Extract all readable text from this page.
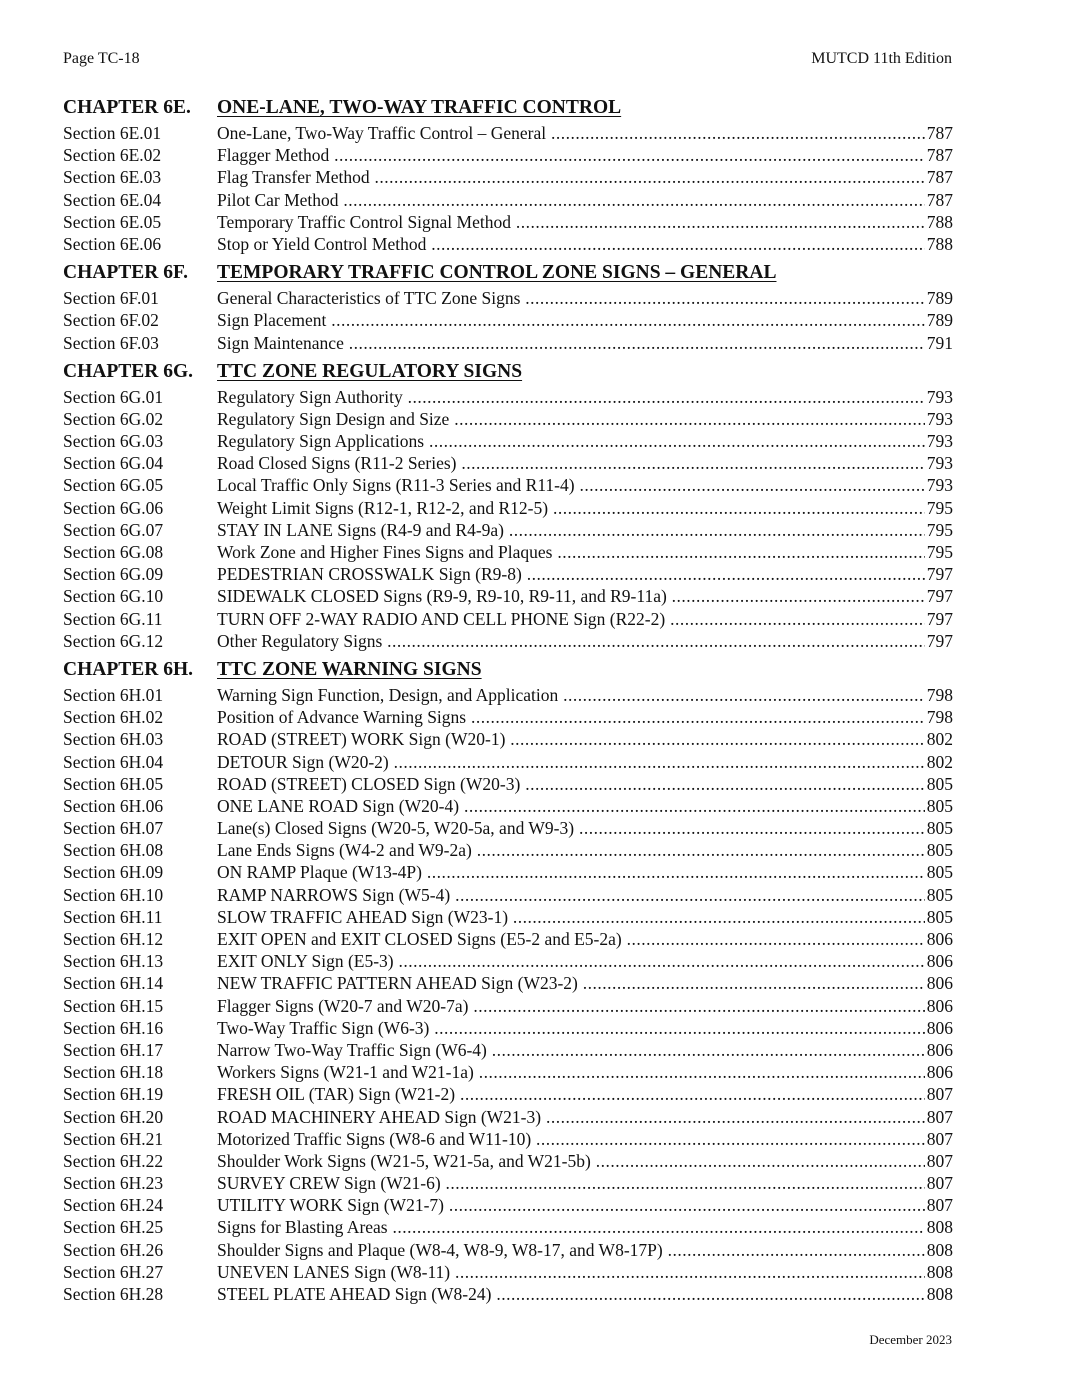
Page TC-18	MUTCD 11th Edition
CHAPTER 6E. ONE-LANE, TWO-WAY TRAFFIC CONTROL
Section 6E.01	One-Lane, Two-Way Traffic Control – General .....	787
Section 6E.02	Flagger Method .....	787
Section 6E.03	Flag Transfer Method .....	787
Section 6E.04	Pilot Car Method .....	787
Section 6E.05	Temporary Traffic Control Signal Method .....	788
Section 6E.06	Stop or Yield Control Method .....	788
CHAPTER 6F. TEMPORARY TRAFFIC CONTROL ZONE SIGNS – GENERAL
Section 6F.01	General Characteristics of TTC Zone Signs .....	789
Section 6F.02	Sign Placement .....	789
Section 6F.03	Sign Maintenance .....	791
CHAPTER 6G. TTC ZONE REGULATORY SIGNS
Section 6G.01	Regulatory Sign Authority .....	793
Section 6G.02	Regulatory Sign Design and Size .....	793
Section 6G.03	Regulatory Sign Applications .....	793
Section 6G.04	Road Closed Signs (R11-2 Series) .....	793
Section 6G.05	Local Traffic Only Signs (R11-3 Series and R11-4) .....	793
Section 6G.06	Weight Limit Signs (R12-1, R12-2, and R12-5) .....	795
Section 6G.07	STAY IN LANE Signs (R4-9 and R4-9a) .....	795
Section 6G.08	Work Zone and Higher Fines Signs and Plaques .....	795
Section 6G.09	PEDESTRIAN CROSSWALK Sign (R9-8) .....	797
Section 6G.10	SIDEWALK CLOSED Signs (R9-9, R9-10, R9-11, and R9-11a) .....	797
Section 6G.11	TURN OFF 2-WAY RADIO AND CELL PHONE Sign (R22-2) .....	797
Section 6G.12	Other Regulatory Signs .....	797
CHAPTER 6H. TTC ZONE WARNING SIGNS
Section 6H.01	Warning Sign Function, Design, and Application .....	798
Section 6H.02	Position of Advance Warning Signs .....	798
Section 6H.03	ROAD (STREET) WORK Sign (W20-1) .....	802
Section 6H.04	DETOUR Sign (W20-2) .....	802
Section 6H.05	ROAD (STREET) CLOSED Sign (W20-3) .....	805
Section 6H.06	ONE LANE ROAD Sign (W20-4) .....	805
Section 6H.07	Lane(s) Closed Signs (W20-5, W20-5a, and W9-3) .....	805
Section 6H.08	Lane Ends Signs (W4-2 and W9-2a) .....	805
Section 6H.09	ON RAMP Plaque (W13-4P) .....	805
Section 6H.10	RAMP NARROWS Sign (W5-4) .....	805
Section 6H.11	SLOW TRAFFIC AHEAD Sign (W23-1) .....	805
Section 6H.12	EXIT OPEN and EXIT CLOSED Signs (E5-2 and E5-2a) .....	806
Section 6H.13	EXIT ONLY Sign (E5-3) .....	806
Section 6H.14	NEW TRAFFIC PATTERN AHEAD Sign (W23-2) .....	806
Section 6H.15	Flagger Signs (W20-7 and W20-7a) .....	806
Section 6H.16	Two-Way Traffic Sign (W6-3) .....	806
Section 6H.17	Narrow Two-Way Traffic Sign (W6-4) .....	806
Section 6H.18	Workers Signs (W21-1 and W21-1a) .....	806
Section 6H.19	FRESH OIL (TAR) Sign (W21-2) .....	807
Section 6H.20	ROAD MACHINERY AHEAD Sign (W21-3) .....	807
Section 6H.21	Motorized Traffic Signs (W8-6 and W11-10) .....	807
Section 6H.22	Shoulder Work Signs (W21-5, W21-5a, and W21-5b) .....	807
Section 6H.23	SURVEY CREW Sign (W21-6) .....	807
Section 6H.24	UTILITY WORK Sign (W21-7) .....	807
Section 6H.25	Signs for Blasting Areas .....	808
Section 6H.26	Shoulder Signs and Plaque (W8-4, W8-9, W8-17, and W8-17P) .....	808
Section 6H.27	UNEVEN LANES Sign (W8-11) .....	808
Section 6H.28	STEEL PLATE AHEAD Sign (W8-24) .....	808
December 2023
